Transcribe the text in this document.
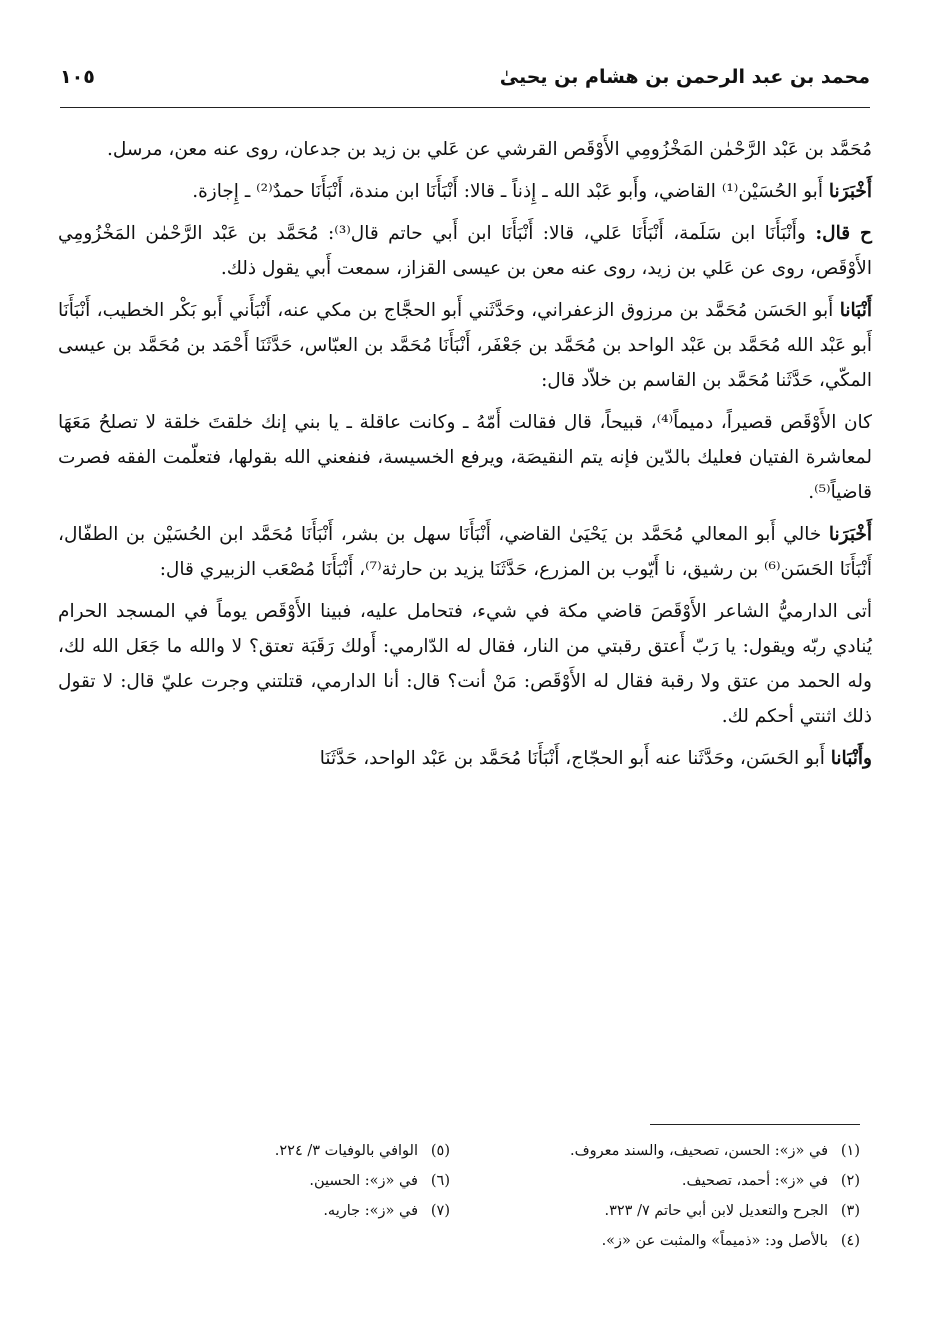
محمد بن عبد الرحمن بن هشام بن يحيىٰ
١٠٥

مُحَمَّد بن عَبْد الرَّحْمٰن المَخْزُومِي الأَوْقَص القرشي عن عَلي بن زيد بن جدعان، روى عنه معن، مرسل.

أَخْبَرَنا أَبو الحُسَيْن⁽¹⁾ القاضي، وأَبو عَبْد الله ـ إِذناً ـ قالا: أَنْبَأَنَا ابن مندة، أَنْبَأَنَا حمدٌ⁽²⁾ ـ إِجازة.

ح قال: وأَنْبَأَنَا ابن سَلَمة، أَنْبَأَنَا عَلي، قالا: أَنْبَأَنَا ابن أَبي حاتم قال⁽³⁾: مُحَمَّد بن عَبْد الرَّحْمٰن المَخْزُومِي الأَوْقَص، روى عن عَلي بن زيد، روى عنه معن بن عيسى القزاز، سمعت أَبي يقول ذلك.

أَنْبَانا أَبو الحَسَن مُحَمَّد بن مرزوق الزعفراني، وحَدَّثَني أَبو الحجَّاج بن مكي عنه، أَنْبَأَني أَبو بَكْر الخطيب، أَنْبَأَنَا أَبو عَبْد الله مُحَمَّد بن عَبْد الواحد بن مُحَمَّد بن جَعْفَر، أَنْبَأَنَا مُحَمَّد بن العبّاس، حَدَّثَنَا أَحْمَد بن مُحَمَّد بن عيسى المكّي، حَدَّثَنا مُحَمَّد بن القاسم بن خلاّد قال:

كان الأَوْقَص قصيراً، دميماً⁽⁴⁾، قبيحاً، قال فقالت أَمّهُ ـ وكانت عاقلة ـ يا بني إنك خلقتَ خلقة لا تصلحُ مَعَهَا لمعاشرة الفتيان فعليك بالدّين فإنه يتم النقيصَة، ويرفع الخسيسة، فنفعني الله بقولها، فتعلّمت الفقه فصرت قاضياً⁽⁵⁾.

أَخْبَرَنا خالي أَبو المعالي مُحَمَّد بن يَحْيَىٰ القاضي، أَنْبَأَنَا سهل بن بشر، أَنْبَأَنَا مُحَمَّد ابن الحُسَيْن بن الطفّال، أَنْبَأَنَا الحَسَن⁽⁶⁾ بن رشيق، نا أَيّوب بن المزرع، حَدَّثَنَا يزيد بن حارثة⁽⁷⁾، أَنْبَأَنَا مُصْعَب الزبيري قال:

أتى الدارميُّ الشاعر الأَوْقَصَ قاضي مكة في شيء، فتحامل عليه، فبينا الأَوْقَص يوماً في المسجد الحرام يُنادي ربّه ويقول: يا رَبّ أَعتق رقبتي من النار، فقال له الدّارمي: أَولك رَقَبَة تعتق؟ لا والله ما جَعَل الله لك، وله الحمد من عتق ولا رقبة فقال له الأَوْقَص: مَنْ أنت؟ قال: أنا الدارمي، قتلتني وجرت عليّ قال: لا تقول ذلك اثنتي أحكم لك.

وأَنْبَانا أَبو الحَسَن، وحَدَّثَنا عنه أَبو الحجّاج، أَنْبَأَنَا مُحَمَّد بن عَبْد الواحد، حَدَّثَنَا

(١)في «ز»: الحسن، تصحيف، والسند معروف.
(٢)في «ز»: أحمد، تصحيف.
(٣)الجرح والتعديل لابن أبي حاتم ٧/ ٣٢٣.
(٤)بالأصل ود: «ذميماً» والمثبت عن «ز».
(٥)الوافي بالوفيات ٣/ ٢٢٤.
(٦)في «ز»: الحسين.
(٧)في «ز»: جاريه.
